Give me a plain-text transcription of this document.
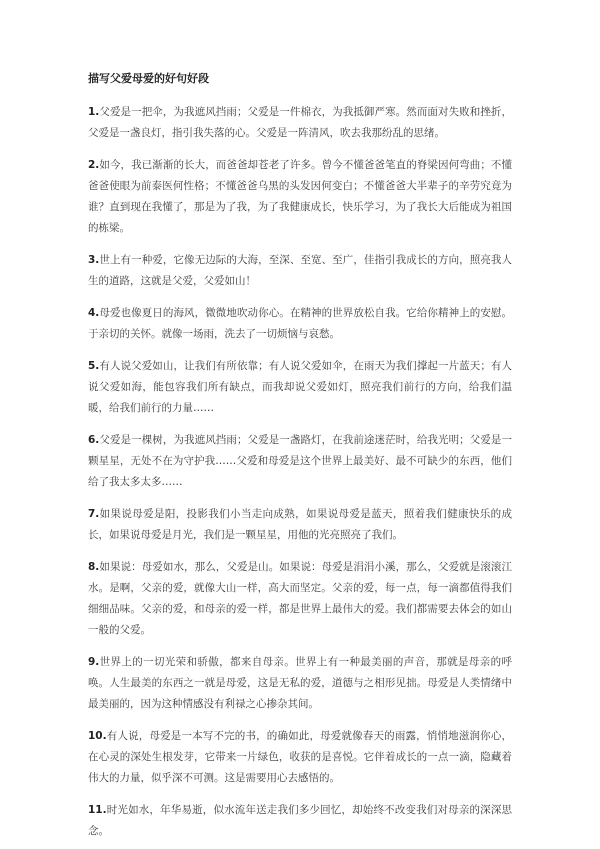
描写父爱母爱的好句好段

1.父爱是一把伞，为我遮风挡雨；父爱是一件棉衣，为我抵御严寒。然而面对失败和挫折，父爱是一盏良灯，指引我失落的心。父爱是一阵清风，吹去我那纷乱的思绪。

2.如今，我已渐渐的长大，而爸爸却苍老了许多。曾今不懂爸爸笔直的脊梁因何弯曲；不懂爸爸使眼为前泰医何性格；不懂爸爸乌黑的头发因何变白；不懂爸爸大半辈子的辛劳究竟为谁？直到现在我懂了，那是为了我，为了我健康成长，快乐学习，为了我长大后能成为祖国的栋梁。

3.世上有一种爱，它像无边际的大海，至深、至宽、至广，佳指引我成长的方向，照亮我人生的道路，这就是父爱，父爱如山！

4.母爱也像夏日的海风，微微地吹动你心。在精神的世界放松自我。它给你精神上的安慰。于亲切的关怀。就像一场雨，洗去了一切烦恼与哀愁。

5.有人说父爱如山，让我们有所依靠；有人说父爱如伞，在雨天为我们撑起一片蓝天；有人说父爱如海，能包容我们所有缺点，而我却说父爱如灯，照亮我们前行的方向，给我们温暖，给我们前行的力量……

6.父爱是一棵树，为我遮风挡雨；父爱是一盏路灯，在我前途迷茫时，给我光明；父爱是一颗星星，无处不在为守护我……父爱和母爱是这个世界上最美好、最不可缺少的东西，他们给了我太多太多……

7.如果说母爱是阳，投影我们小当走向成熟，如果说母爱是蓝天，照着我们健康快乐的成长，如果说母爱是月光，我们是一颗星星，用他的光亮照亮了我们。

8.如果说：母爱如水，那么，父爱是山。如果说：母爱是涓涓小溪，那么，父爱就是滚滚江水。是啊，父亲的爱，就像大山一样，高大而坚定。父亲的爱，每一点，每一滴都值得我们细细品味。父亲的爱，和母亲的爱一样，都是世界上最伟大的爱。我们都需要去体会的如山一般的父爱。

9.世界上的一切光荣和骄傲，都来自母亲。世界上有一种最美丽的声音，那就是母亲的呼唤。人生最美的东西之一就是母爱，这是无私的爱，道德与之相形见拙。母爱是人类情绪中最美丽的，因为这种情感没有利禄之心掺杂其间。

10.有人说，母爱是一本写不完的书，的确如此，母爱就像春天的雨露，悄悄地滋润你心，在心灵的深处生根发芽，它带来一片绿色，收获的是喜悦。它伴着成长的一点一滴，隐藏着伟大的力量，似乎深不可测。这是需要用心去感悟的。

11.时光如水，年华易逝，似水流年送走我们多少回忆，却始终不改变我们对母亲的深深思念。
